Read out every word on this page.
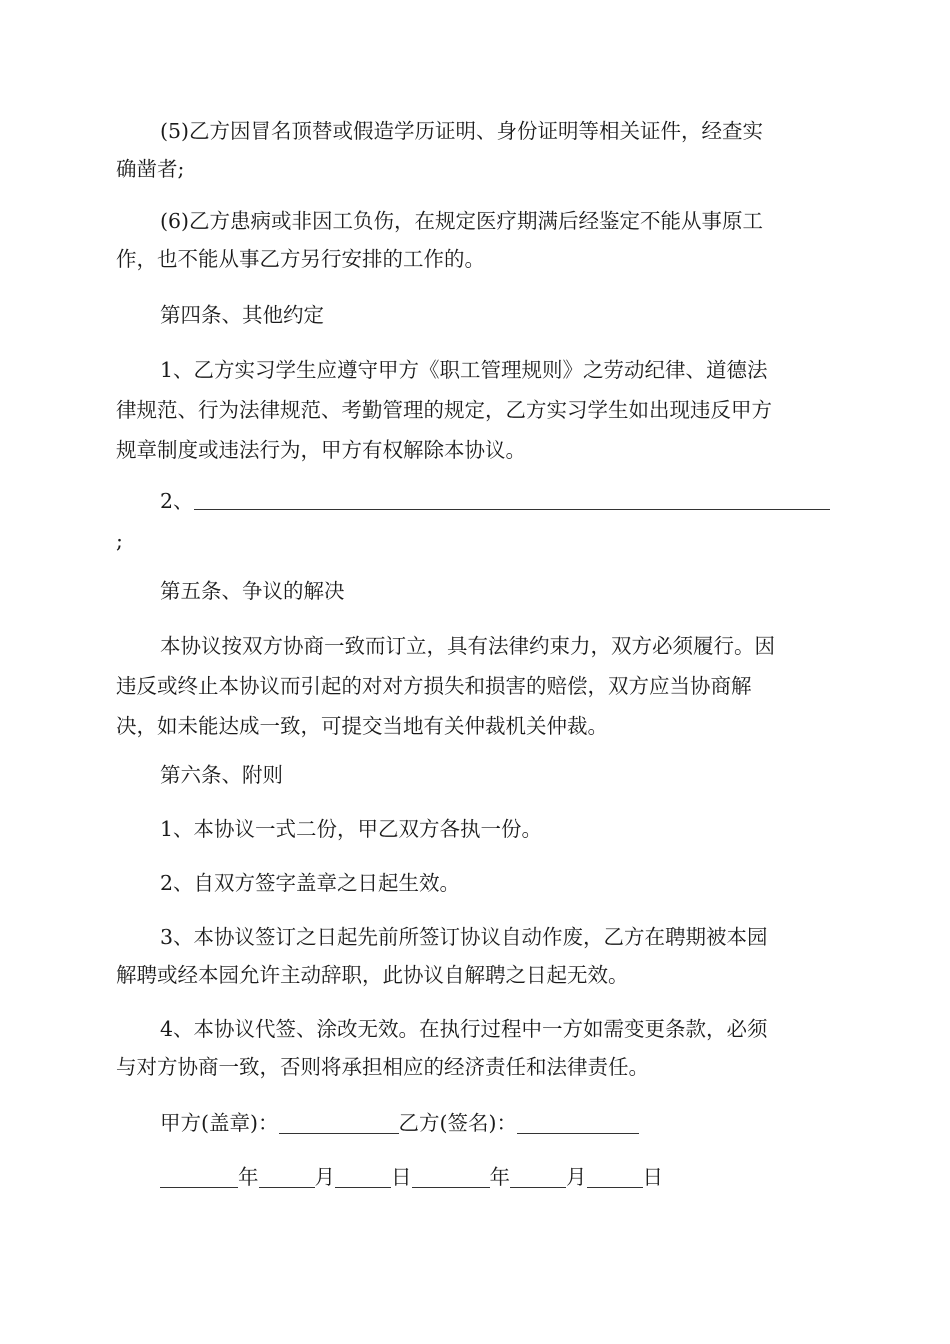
(5)乙方因冒名顶替或假造学历证明、身份证明等相关证件，经查实
确凿者;
(6)乙方患病或非因工负伤，在规定医疗期满后经鉴定不能从事原工
作，也不能从事乙方另行安排的工作的。
第四条、其他约定
1、乙方实习学生应遵守甲方《职工管理规则》之劳动纪律、道德法
律规范、行为法律规范、考勤管理的规定，乙方实习学生如出现违反甲方
规章制度或违法行为，甲方有权解除本协议。
2、
;
第五条、争议的解决
本协议按双方协商一致而订立，具有法律约束力，双方必须履行。因
违反或终止本协议而引起的对对方损失和损害的赔偿，双方应当协商解
决，如未能达成一致，可提交当地有关仲裁机关仲裁。
第六条、附则
1、本协议一式二份，甲乙双方各执一份。
2、自双方签字盖章之日起生效。
3、本协议签订之日起先前所签订协议自动作废，乙方在聘期被本园
解聘或经本园允许主动辞职，此协议自解聘之日起无效。
4、本协议代签、涂改无效。在执行过程中一方如需变更条款，必须
与对方协商一致，否则将承担相应的经济责任和法律责任。
甲方(盖章)：	乙方(签名)：
年	月	日	年	月	日
